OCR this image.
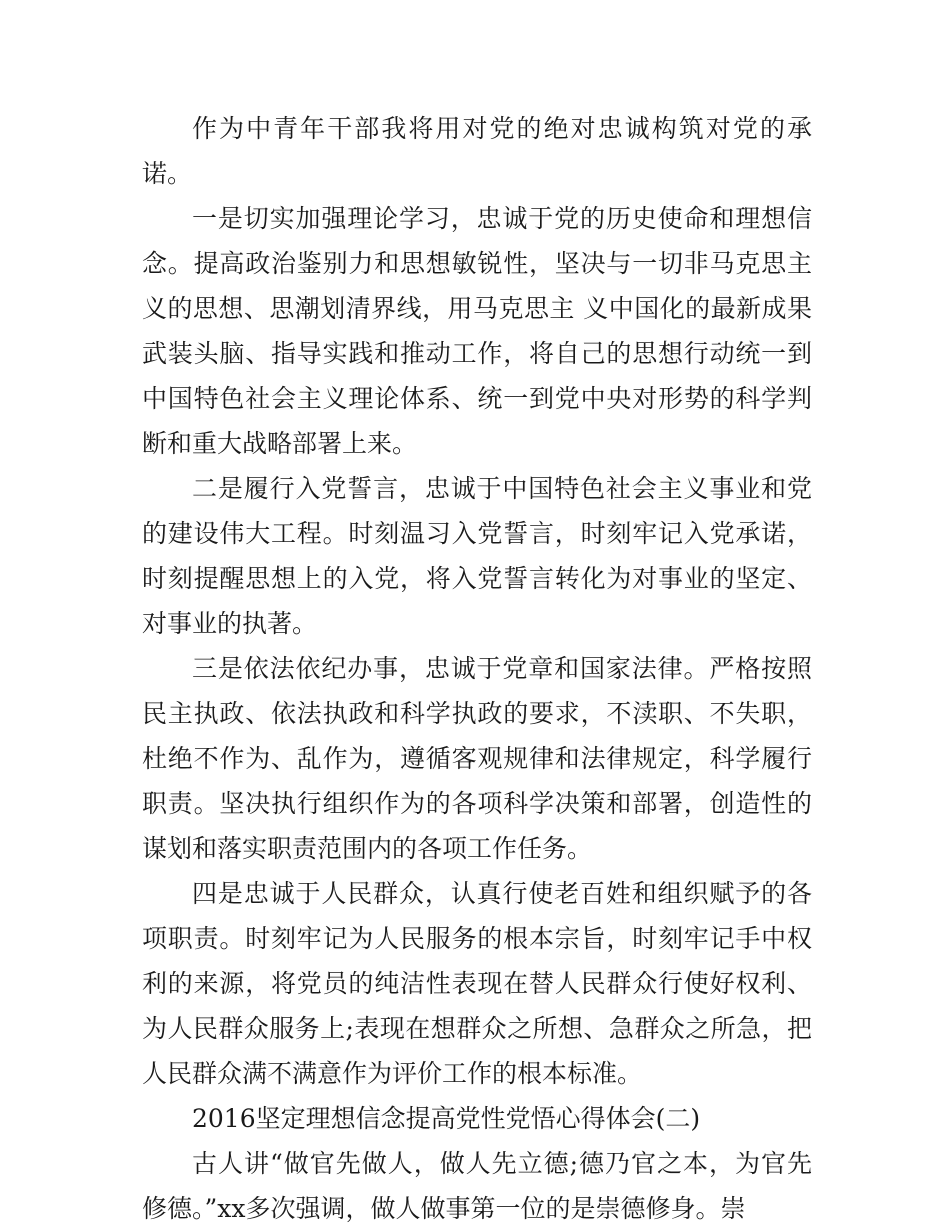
作为中青年干部我将用对党的绝对忠诚构筑对党的承诺。

一是切实加强理论学习，忠诚于党的历史使命和理想信念。提高政治鉴别力和思想敏锐性，坚决与一切非马克思主义的思想、思潮划清界线，用马克思主 义中国化的最新成果武装头脑、指导实践和推动工作，将自己的思想行动统一到中国特色社会主义理论体系、统一到党中央对形势的科学判断和重大战略部署上来。

二是履行入党誓言，忠诚于中国特色社会主义事业和党的建设伟大工程。时刻温习入党誓言，时刻牢记入党承诺，时刻提醒思想上的入党，将入党誓言转化为对事业的坚定、对事业的执著。

三是依法依纪办事，忠诚于党章和国家法律。严格按照民主执政、依法执政和科学执政的要求，不渎职、不失职，杜绝不作为、乱作为，遵循客观规律和法律规定，科学履行职责。坚决执行组织作为的各项科学决策和部署，创造性的谋划和落实职责范围内的各项工作任务。

四是忠诚于人民群众，认真行使老百姓和组织赋予的各项职责。时刻牢记为人民服务的根本宗旨，时刻牢记手中权利的来源，将党员的纯洁性表现在替人民群众行使好权利、为人民群众服务上;表现在想群众之所想、急群众之所急，把人民群众满不满意作为评价工作的根本标准。

2016坚定理想信念提高党性党悟心得体会(二)

古人讲“做官先做人，做人先立德;德乃官之本，为官先修德。”xx多次强调，做人做事第一位的是崇德修身。崇
